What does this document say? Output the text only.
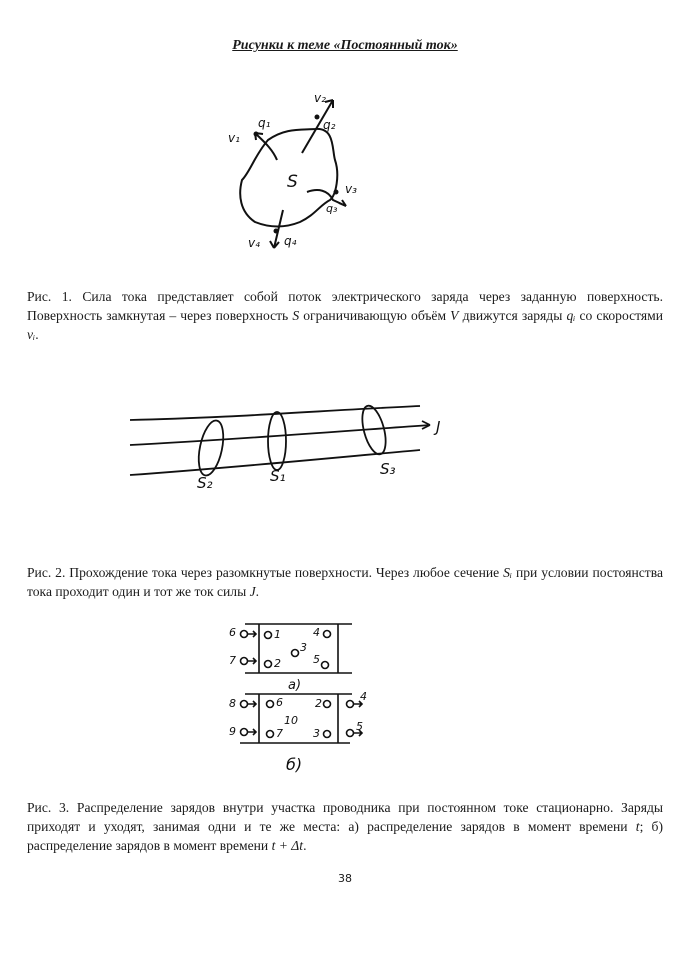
Рисунки к теме «Постоянный ток»
S
v₁
q₁
v₂
q₂
v₃
q₃
v₄ q₄
Рис. 1. Сила тока представляет собой поток электрического заряда через заданную поверхность. Поверхность замкнутая – через поверхность S ограничивающую объём V движутся заряды qᵢ со скоростями vᵢ.
S₂	S₁	S₃
J
Рис. 2. Прохождение тока через разомкнутые поверхности. Через любое сечение Sᵢ при условии постоянства тока проходит один и тот же ток силы J.
6
7
1
2
3
4
5
8
9
6
7
10
2
3
4
5
а)
б)
Рис. 3. Распределение зарядов внутри участка проводника при постоянном токе стационарно. Заряды приходят и уходят, занимая одни и те же места: а) распределение зарядов в момент времени t; б) распределение зарядов в момент времени t + Δt.
38
